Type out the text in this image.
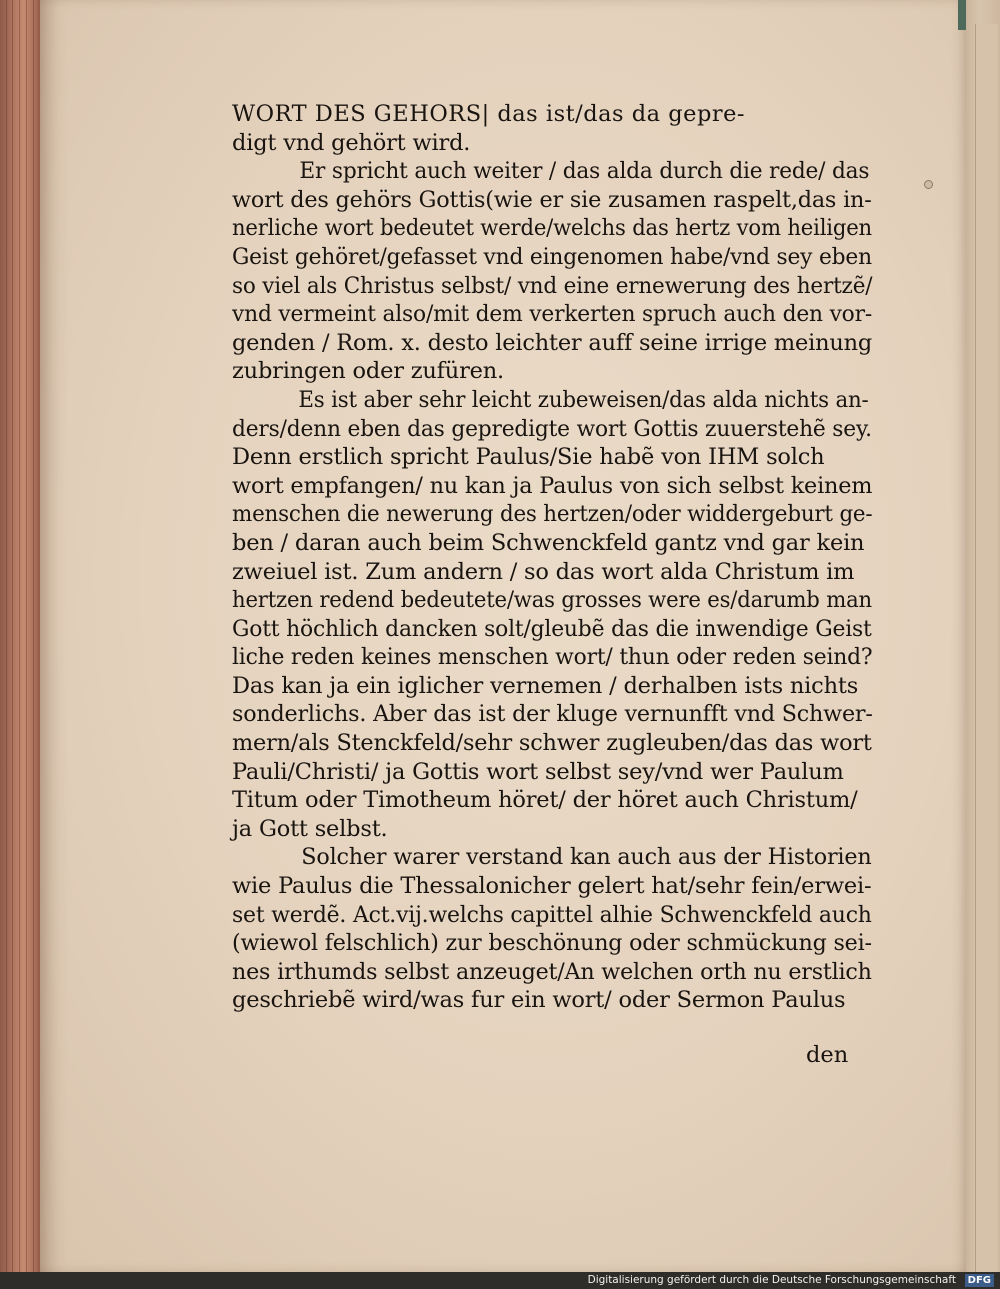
WORT DES GEHORS| das ist/das da gepre-
digt vnd gehört wird.
Er spricht auch weiter / das alda durch die rede/ das
wort des gehörs Gottis(wie er sie zusamen raspelt,das in-
nerliche wort bedeutet werde/welchs das hertz vom heiligen
Geist gehöret/gefasset vnd eingenomen habe/vnd sey eben
so viel als Christus selbst/ vnd eine ernewerung des hertzẽ/
vnd vermeint also/mit dem verkerten spruch auch den vor-
genden / Rom. x. desto leichter auff seine irrige meinung
zubringen oder zufüren.
Es ist aber sehr leicht zubeweisen/das alda nichts an-
ders/denn eben das gepredigte wort Gottis zuuerstehẽ sey.
Denn erstlich spricht Paulus/Sie habẽ von IHM solch
wort empfangen/ nu kan ja Paulus von sich selbst keinem
menschen die newerung des hertzen/oder widdergeburt ge-
ben / daran auch beim Schwenckfeld gantz vnd gar kein
zweiuel ist. Zum andern / so das wort alda Christum im
hertzen redend bedeutete/was grosses were es/darumb man
Gott höchlich dancken solt/gleubẽ das die inwendige Geist
liche reden keines menschen wort/ thun oder reden seind?
Das kan ja ein iglicher vernemen / derhalben ists nichts
sonderlichs. Aber das ist der kluge vernunfft vnd Schwer-
mern/als Stenckfeld/sehr schwer zugleuben/das das wort
Pauli/Christi/ ja Gottis wort selbst sey/vnd wer Paulum
Titum oder Timotheum höret/ der höret auch Christum/
ja Gott selbst.
Solcher warer verstand kan auch aus der Historien
wie Paulus die Thessalonicher gelert hat/sehr fein/erwei-
set werdẽ. Act.vij.welchs capittel alhie Schwenckfeld auch
(wiewol felschlich) zur beschönung oder schmückung sei-
nes irthumds selbst anzeuget/An welchen orth nu erstlich
geschriebẽ wird/was fur ein wort/ oder Sermon Paulus
den
Digitalisierung gefördert durch die Deutsche Forschungsgemeinschaft	DFG
